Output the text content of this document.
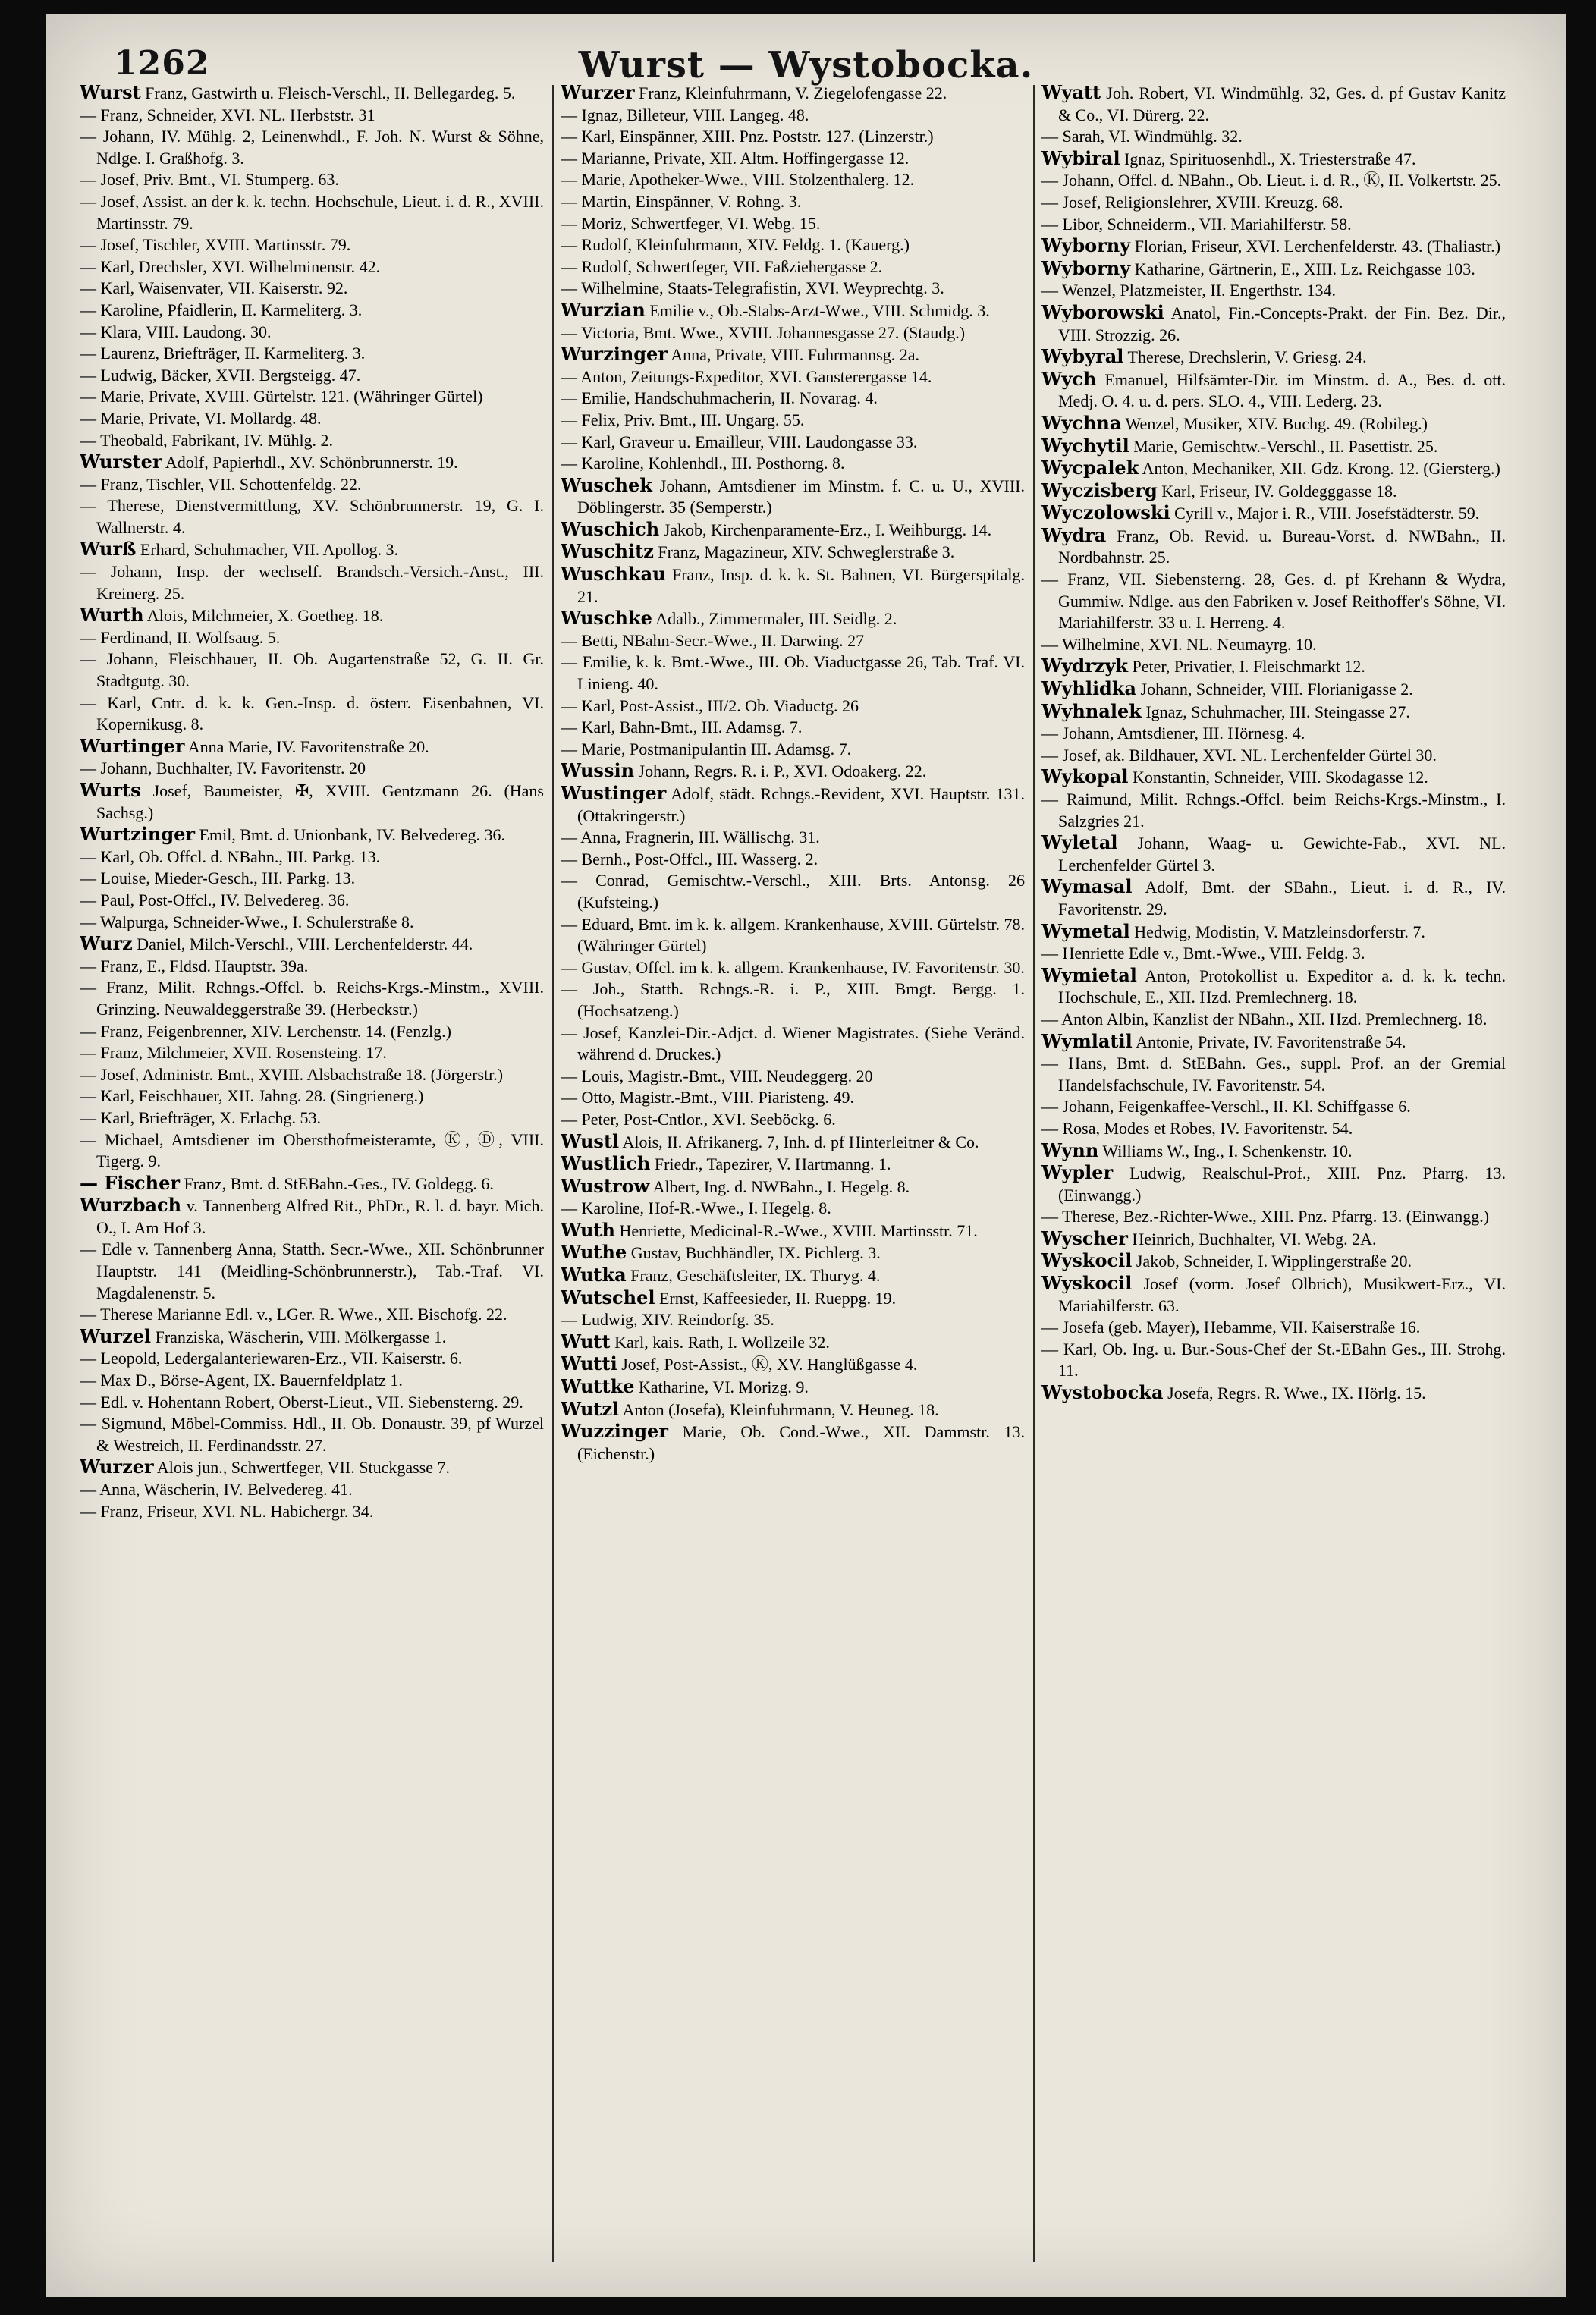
1262	Wurst — Wystobocka.

Wurst Franz, Gastwirth u. Fleisch-Verschl., II. Bellegardeg. 5.

— Franz, Schneider, XVI. NL. Herbststr. 31

— Johann, IV. Mühlg. 2, Leinenwhdl., F. Joh. N. Wurst & Söhne, Ndlge. I. Graßhofg. 3.

— Josef, Priv. Bmt., VI. Stumperg. 63.

— Josef, Assist. an der k. k. techn. Hochschule, Lieut. i. d. R., XVIII. Martinsstr. 79.

— Josef, Tischler, XVIII. Martinsstr. 79.

— Karl, Drechsler, XVI. Wilhelminenstr. 42.

— Karl, Waisenvater, VII. Kaiserstr. 92.

— Karoline, Pfaidlerin, II. Karmeliterg. 3.

— Klara, VIII. Laudong. 30.

— Laurenz, Briefträger, II. Karmeliterg. 3.

— Ludwig, Bäcker, XVII. Bergsteigg. 47.

— Marie, Private, XVIII. Gürtelstr. 121. (Währinger Gürtel)

— Marie, Private, VI. Mollardg. 48.

— Theobald, Fabrikant, IV. Mühlg. 2.

Wurster Adolf, Papierhdl., XV. Schönbrunnerstr. 19.

— Franz, Tischler, VII. Schottenfeldg. 22.

— Therese, Dienstvermittlung, XV. Schönbrunnerstr. 19, G. I. Wallnerstr. 4.

Wurß Erhard, Schuhmacher, VII. Apollog. 3.

— Johann, Insp. der wechself. Brandsch.-Versich.-Anst., III. Kreinerg. 25.

Wurth Alois, Milchmeier, X. Goetheg. 18.

— Ferdinand, II. Wolfsaug. 5.

— Johann, Fleischhauer, II. Ob. Augartenstraße 52, G. II. Gr. Stadtgutg. 30.

— Karl, Cntr. d. k. k. Gen.-Insp. d. österr. Eisenbahnen, VI. Kopernikusg. 8.

Wurtinger Anna Marie, IV. Favoritenstraße 20.

— Johann, Buchhalter, IV. Favoritenstr. 20

Wurts Josef, Baumeister, ✠, XVIII. Gentzmann 26. (Hans Sachsg.)

Wurtzinger Emil, Bmt. d. Unionbank, IV. Belvedereg. 36.

— Karl, Ob. Offcl. d. NBahn., III. Parkg. 13.

— Louise, Mieder-Gesch., III. Parkg. 13.

— Paul, Post-Offcl., IV. Belvedereg. 36.

— Walpurga, Schneider-Wwe., I. Schulerstraße 8.

Wurz Daniel, Milch-Verschl., VIII. Lerchenfelderstr. 44.

— Franz, E., Fldsd. Hauptstr. 39a.

— Franz, Milit. Rchngs.-Offcl. b. Reichs-Krgs.-Minstm., XVIII. Grinzing. Neuwaldeggerstraße 39. (Herbeckstr.)

— Franz, Feigenbrenner, XIV. Lerchenstr. 14. (Fenzlg.)

— Franz, Milchmeier, XVII. Rosensteing. 17.

— Josef, Administr. Bmt., XVIII. Alsbachstraße 18. (Jörgerstr.)

— Karl, Feischhauer, XII. Jahng. 28. (Singrienerg.)

— Karl, Briefträger, X. Erlachg. 53.

— Michael, Amtsdiener im Obersthofmeisteramte, Ⓚ, Ⓓ, VIII. Tigerg. 9.

— Fischer Franz, Bmt. d. StEBahn.-Ges., IV. Goldegg. 6.

Wurzbach v. Tannenberg Alfred Rit., PhDr., R. l. d. bayr. Mich. O., I. Am Hof 3.

— Edle v. Tannenberg Anna, Statth. Secr.-Wwe., XII. Schönbrunner Hauptstr. 141 (Meidling-Schönbrunnerstr.), Tab.-Traf. VI. Magdalenenstr. 5.

— Therese Marianne Edl. v., LGer. R. Wwe., XII. Bischofg. 22.

Wurzel Franziska, Wäscherin, VIII. Mölkergasse 1.

— Leopold, Ledergalanteriewaren-Erz., VII. Kaiserstr. 6.

— Max D., Börse-Agent, IX. Bauernfeldplatz 1.

— Edl. v. Hohentann Robert, Oberst-Lieut., VII. Siebensterng. 29.

— Sigmund, Möbel-Commiss. Hdl., II. Ob. Donaustr. 39, pf Wurzel & Westreich, II. Ferdinandsstr. 27.

Wurzer Alois jun., Schwertfeger, VII. Stuckgasse 7.

— Anna, Wäscherin, IV. Belvedereg. 41.

— Franz, Friseur, XVI. NL. Habichergr. 34.

Wurzer Franz, Kleinfuhrmann, V. Ziegelofengasse 22.

— Ignaz, Billeteur, VIII. Langeg. 48.

— Karl, Einspänner, XIII. Pnz. Poststr. 127. (Linzerstr.)

— Marianne, Private, XII. Altm. Hoffingergasse 12.

— Marie, Apotheker-Wwe., VIII. Stolzenthalerg. 12.

— Martin, Einspänner, V. Rohng. 3.

— Moriz, Schwertfeger, VI. Webg. 15.

— Rudolf, Kleinfuhrmann, XIV. Feldg. 1. (Kauerg.)

— Rudolf, Schwertfeger, VII. Faßziehergasse 2.

— Wilhelmine, Staats-Telegrafistin, XVI. Weyprechtg. 3.

Wurzian Emilie v., Ob.-Stabs-Arzt-Wwe., VIII. Schmidg. 3.

— Victoria, Bmt. Wwe., XVIII. Johannesgasse 27. (Staudg.)

Wurzinger Anna, Private, VIII. Fuhrmannsg. 2a.

— Anton, Zeitungs-Expeditor, XVI. Gansterergasse 14.

— Emilie, Handschuhmacherin, II. Novarag. 4.

— Felix, Priv. Bmt., III. Ungarg. 55.

— Karl, Graveur u. Emailleur, VIII. Laudongasse 33.

— Karoline, Kohlenhdl., III. Posthorng. 8.

Wuschek Johann, Amtsdiener im Minstm. f. C. u. U., XVIII. Döblingerstr. 35 (Semperstr.)

Wuschich Jakob, Kirchenparamente-Erz., I. Weihburgg. 14.

Wuschitz Franz, Magazineur, XIV. Schweglerstraße 3.

Wuschkau Franz, Insp. d. k. k. St. Bahnen, VI. Bürgerspitalg. 21.

Wuschke Adalb., Zimmermaler, III. Seidlg. 2.

— Betti, NBahn-Secr.-Wwe., II. Darwing. 27

— Emilie, k. k. Bmt.-Wwe., III. Ob. Viaductgasse 26, Tab. Traf. VI. Linieng. 40.

— Karl, Post-Assist., III/2. Ob. Viaductg. 26

— Karl, Bahn-Bmt., III. Adamsg. 7.

— Marie, Postmanipulantin III. Adamsg. 7.

Wussin Johann, Regrs. R. i. P., XVI. Odoakerg. 22.

Wustinger Adolf, städt. Rchngs.-Revident, XVI. Hauptstr. 131. (Ottakringerstr.)

— Anna, Fragnerin, III. Wällischg. 31.

— Bernh., Post-Offcl., III. Wasserg. 2.

— Conrad, Gemischtw.-Verschl., XIII. Brts. Antonsg. 26 (Kufsteing.)

— Eduard, Bmt. im k. k. allgem. Krankenhause, XVIII. Gürtelstr. 78. (Währinger Gürtel)

— Gustav, Offcl. im k. k. allgem. Krankenhause, IV. Favoritenstr. 30.

— Joh., Statth. Rchngs.-R. i. P., XIII. Bmgt. Bergg. 1. (Hochsatzeng.)

— Josef, Kanzlei-Dir.-Adjct. d. Wiener Magistrates. (Siehe Veränd. während d. Druckes.)

— Louis, Magistr.-Bmt., VIII. Neudeggerg. 20

— Otto, Magistr.-Bmt., VIII. Piaristeng. 49.

— Peter, Post-Cntlor., XVI. Seeböckg. 6.

Wustl Alois, II. Afrikanerg. 7, Inh. d. pf Hinterleitner & Co.

Wustlich Friedr., Tapezirer, V. Hartmanng. 1.

Wustrow Albert, Ing. d. NWBahn., I. Hegelg. 8.

— Karoline, Hof-R.-Wwe., I. Hegelg. 8.

Wuth Henriette, Medicinal-R.-Wwe., XVIII. Martinsstr. 71.

Wuthe Gustav, Buchhändler, IX. Pichlerg. 3.

Wutka Franz, Geschäftsleiter, IX. Thuryg. 4.

Wutschel Ernst, Kaffeesieder, II. Rueppg. 19.

— Ludwig, XIV. Reindorfg. 35.

Wutt Karl, kais. Rath, I. Wollzeile 32.

Wutti Josef, Post-Assist., Ⓚ, XV. Hanglüßgasse 4.

Wuttke Katharine, VI. Morizg. 9.

Wutzl Anton (Josefa), Kleinfuhrmann, V. Heuneg. 18.

Wuzzinger Marie, Ob. Cond.-Wwe., XII. Dammstr. 13. (Eichenstr.)

Wyatt Joh. Robert, VI. Windmühlg. 32, Ges. d. pf Gustav Kanitz & Co., VI. Dürerg. 22.

— Sarah, VI. Windmühlg. 32.

Wybiral Ignaz, Spirituosenhdl., X. Triesterstraße 47.

— Johann, Offcl. d. NBahn., Ob. Lieut. i. d. R., Ⓚ, II. Volkertstr. 25.

— Josef, Religionslehrer, XVIII. Kreuzg. 68.

— Libor, Schneiderm., VII. Mariahilferstr. 58.

Wyborny Florian, Friseur, XVI. Lerchenfelderstr. 43. (Thaliastr.)

Wyborny Katharine, Gärtnerin, E., XIII. Lz. Reichgasse 103.

— Wenzel, Platzmeister, II. Engerthstr. 134.

Wyborowski Anatol, Fin.-Concepts-Prakt. der Fin. Bez. Dir., VIII. Strozzig. 26.

Wybyral Therese, Drechslerin, V. Griesg. 24.

Wych Emanuel, Hilfsämter-Dir. im Minstm. d. A., Bes. d. ott. Medj. O. 4. u. d. pers. SLO. 4., VIII. Lederg. 23.

Wychna Wenzel, Musiker, XIV. Buchg. 49. (Robileg.)

Wychytil Marie, Gemischtw.-Verschl., II. Pasettistr. 25.

Wycpalek Anton, Mechaniker, XII. Gdz. Krong. 12. (Giersterg.)

Wyczisberg Karl, Friseur, IV. Goldegggasse 18.

Wyczolowski Cyrill v., Major i. R., VIII. Josefstädterstr. 59.

Wydra Franz, Ob. Revid. u. Bureau-Vorst. d. NWBahn., II. Nordbahnstr. 25.

— Franz, VII. Siebensterng. 28, Ges. d. pf Krehann & Wydra, Gummiw. Ndlge. aus den Fabriken v. Josef Reithoffer's Söhne, VI. Mariahilferstr. 33 u. I. Herreng. 4.

— Wilhelmine, XVI. NL. Neumayrg. 10.

Wydrzyk Peter, Privatier, I. Fleischmarkt 12.

Wyhlidka Johann, Schneider, VIII. Florianigasse 2.

Wyhnalek Ignaz, Schuhmacher, III. Steingasse 27.

— Johann, Amtsdiener, III. Hörnesg. 4.

— Josef, ak. Bildhauer, XVI. NL. Lerchenfelder Gürtel 30.

Wykopal Konstantin, Schneider, VIII. Skodagasse 12.

— Raimund, Milit. Rchngs.-Offcl. beim Reichs-Krgs.-Minstm., I. Salzgries 21.

Wyletal Johann, Waag- u. Gewichte-Fab., XVI. NL. Lerchenfelder Gürtel 3.

Wymasal Adolf, Bmt. der SBahn., Lieut. i. d. R., IV. Favoritenstr. 29.

Wymetal Hedwig, Modistin, V. Matzleinsdorferstr. 7.

— Henriette Edle v., Bmt.-Wwe., VIII. Feldg. 3.

Wymietal Anton, Protokollist u. Expeditor a. d. k. k. techn. Hochschule, E., XII. Hzd. Premlechnerg. 18.

— Anton Albin, Kanzlist der NBahn., XII. Hzd. Premlechnerg. 18.

Wymlatil Antonie, Private, IV. Favoritenstraße 54.

— Hans, Bmt. d. StEBahn. Ges., suppl. Prof. an der Gremial Handelsfachschule, IV. Favoritenstr. 54.

— Johann, Feigenkaffee-Verschl., II. Kl. Schiffgasse 6.

— Rosa, Modes et Robes, IV. Favoritenstr. 54.

Wynn Williams W., Ing., I. Schenkenstr. 10.

Wypler Ludwig, Realschul-Prof., XIII. Pnz. Pfarrg. 13. (Einwangg.)

— Therese, Bez.-Richter-Wwe., XIII. Pnz. Pfarrg. 13. (Einwangg.)

Wyscher Heinrich, Buchhalter, VI. Webg. 2A.

Wyskocil Jakob, Schneider, I. Wipplingerstraße 20.

Wyskocil Josef (vorm. Josef Olbrich), Musikwert-Erz., VI. Mariahilferstr. 63.

— Josefa (geb. Mayer), Hebamme, VII. Kaiserstraße 16.

— Karl, Ob. Ing. u. Bur.-Sous-Chef der St.-EBahn Ges., III. Strohg. 11.

Wystobocka Josefa, Regrs. R. Wwe., IX. Hörlg. 15.
